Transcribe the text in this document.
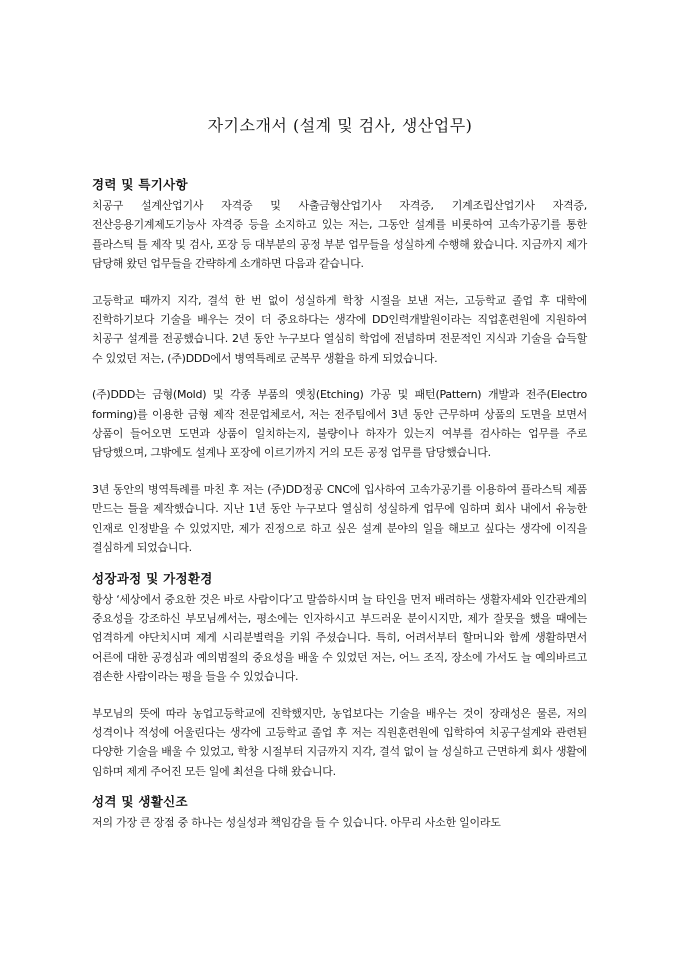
자기소개서 (설계 및 검사, 생산업무)
경력 및 특기사항

치공구 설계산업기사 자격증 및 사출금형산업기사 자격증, 기계조립산업기사 자격증, 전산응용기계제도기능사 자격증 등을 소지하고 있는 저는, 그동안 설계를 비롯하여 고속가공기를 통한 플라스틱 틀 제작 및 검사, 포장 등 대부분의 공정 부분 업무들을 성실하게 수행해 왔습니다. 지금까지 제가 담당해 왔던 업무들을 간략하게 소개하면 다음과 같습니다.

고등학교 때까지 지각, 결석 한 번 없이 성실하게 학창 시절을 보낸 저는, 고등학교 졸업 후 대학에 진학하기보다 기술을 배우는 것이 더 중요하다는 생각에 DD인력개발원이라는 직업훈련원에 지원하여 치공구 설계를 전공했습니다. 2년 동안 누구보다 열심히 학업에 전념하며 전문적인 지식과 기술을 습득할 수 있었던 저는, (주)DDD에서 병역특례로 군복무 생활을 하게 되었습니다.

(주)DDD는 금형(Mold) 및 각종 부품의 엣칭(Etching) 가공 및 패턴(Pattern) 개발과 전주(Electro forming)를 이용한 금형 제작 전문업체로서, 저는 전주팀에서 3년 동안 근무하며 상품의 도면을 보면서 상품이 들어오면 도면과 상품이 일치하는지, 불량이나 하자가 있는지 여부를 검사하는 업무를 주로 담당했으며, 그밖에도 설계나 포장에 이르기까지 거의 모든 공정 업무를 담당했습니다.

3년 동안의 병역특례를 마친 후 저는 (주)DD정공 CNC에 입사하여 고속가공기를 이용하여 플라스틱 제품 만드는 틀을 제작했습니다. 지난 1년 동안 누구보다 열심히 성실하게 업무에 임하며 회사 내에서 유능한 인재로 인정받을 수 있었지만, 제가 진정으로 하고 싶은 설계 분야의 일을 해보고 싶다는 생각에 이직을 결심하게 되었습니다.

성장과정 및 가정환경

항상 ‘세상에서 중요한 것은 바로 사람이다’고 말씀하시며 늘 타인을 먼저 배려하는 생활자세와 인간관계의 중요성을 강조하신 부모님께서는, 평소에는 인자하시고 부드러운 분이시지만, 제가 잘못을 했을 때에는 엄격하게 야단치시며 제게 시리분별력을 키워 주셨습니다. 특히, 어려서부터 할머니와 함께 생활하면서 어른에 대한 공경심과 예의범절의 중요성을 배울 수 있었던 저는, 어느 조직, 장소에 가서도 늘 예의바르고 겸손한 사람이라는 평을 들을 수 있었습니다.

부모님의 뜻에 따라 농업고등학교에 진학했지만, 농업보다는 기술을 배우는 것이 장래성은 물론, 저의 성격이나 적성에 어울린다는 생각에 고등학교 졸업 후 저는 직원훈련원에 입학하여 치공구설계와 관련된 다양한 기술을 배울 수 있었고, 학창 시절부터 지금까지 지각, 결석 없이 늘 성실하고 근면하게 회사 생활에 임하며 제게 주어진 모든 일에 최선을 다해 왔습니다.

성격 및 생활신조

저의 가장 큰 장점 중 하나는 성실성과 책임감을 들 수 있습니다. 아무리 사소한 일이라도
